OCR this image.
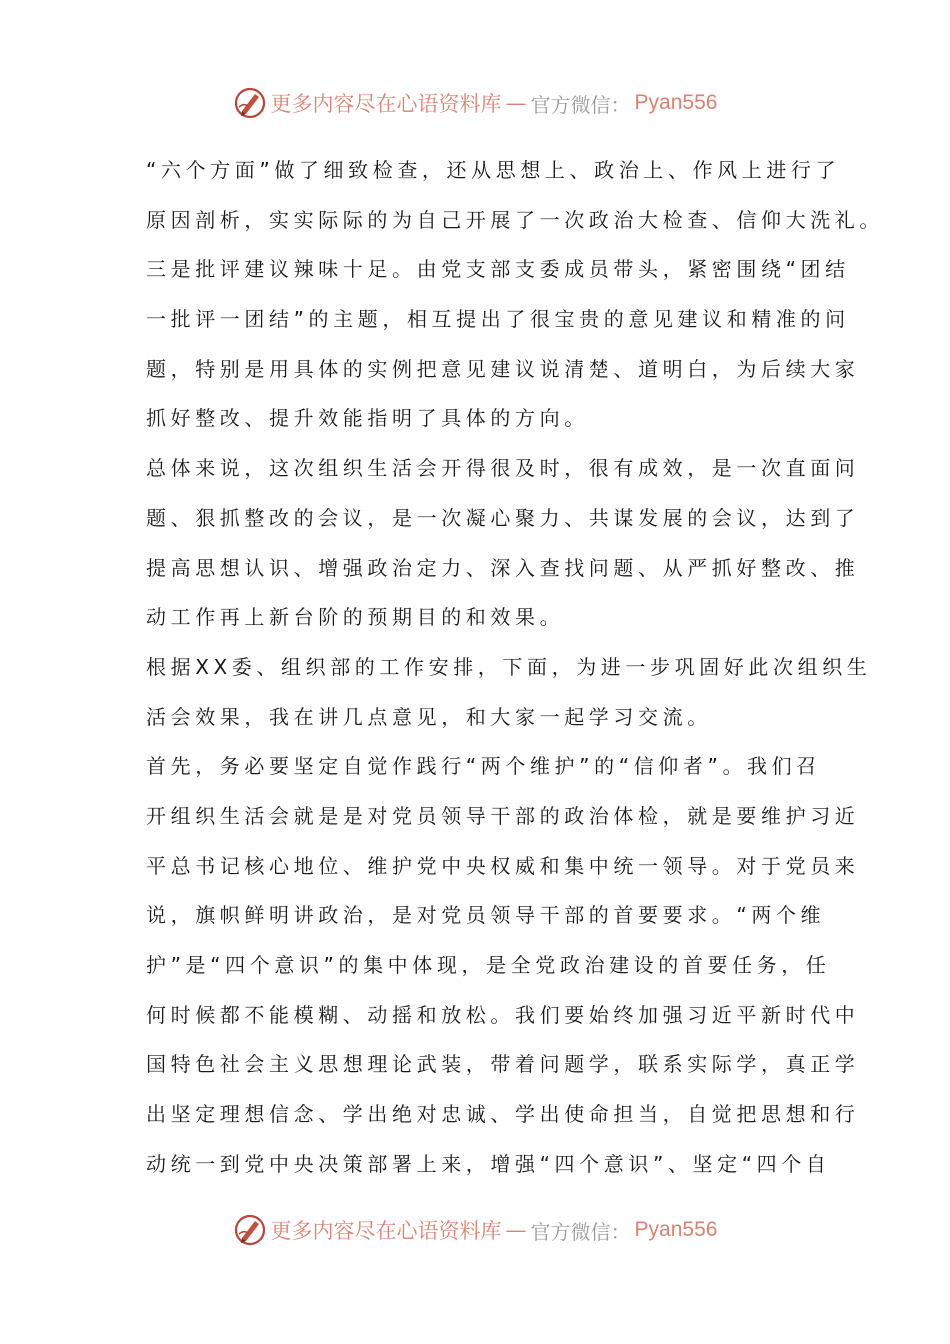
更多内容尽在心语资料库 — 官方微信： Pyan556
“六个方面”做了细致检查，还从思想上、政治上、作风上进行了
原因剖析，实实际际的为自己开展了一次政治大检查、信仰大洗礼。
三是批评建议辣味十足。由党支部支委成员带头，紧密围绕“团结
一批评一团结”的主题，相互提出了很宝贵的意见建议和精准的问
题，特别是用具体的实例把意见建议说清楚、道明白，为后续大家
抓好整改、提升效能指明了具体的方向。
总体来说，这次组织生活会开得很及时，很有成效，是一次直面问
题、狠抓整改的会议，是一次凝心聚力、共谋发展的会议，达到了
提高思想认识、增强政治定力、深入查找问题、从严抓好整改、推
动工作再上新台阶的预期目的和效果。
根据XX委、组织部的工作安排，下面，为进一步巩固好此次组织生
活会效果，我在讲几点意见，和大家一起学习交流。
首先，务必要坚定自觉作践行“两个维护”的“信仰者”。我们召
开组织生活会就是是对党员领导干部的政治体检，就是要维护习近
平总书记核心地位、维护党中央权威和集中统一领导。对于党员来
说，旗帜鲜明讲政治，是对党员领导干部的首要要求。“两个维
护”是“四个意识”的集中体现，是全党政治建设的首要任务，任
何时候都不能模糊、动摇和放松。我们要始终加强习近平新时代中
国特色社会主义思想理论武装，带着问题学，联系实际学，真正学
出坚定理想信念、学出绝对忠诚、学出使命担当，自觉把思想和行
动统一到党中央决策部署上来，增强“四个意识”、坚定“四个自
更多内容尽在心语资料库 — 官方微信： Pyan556
